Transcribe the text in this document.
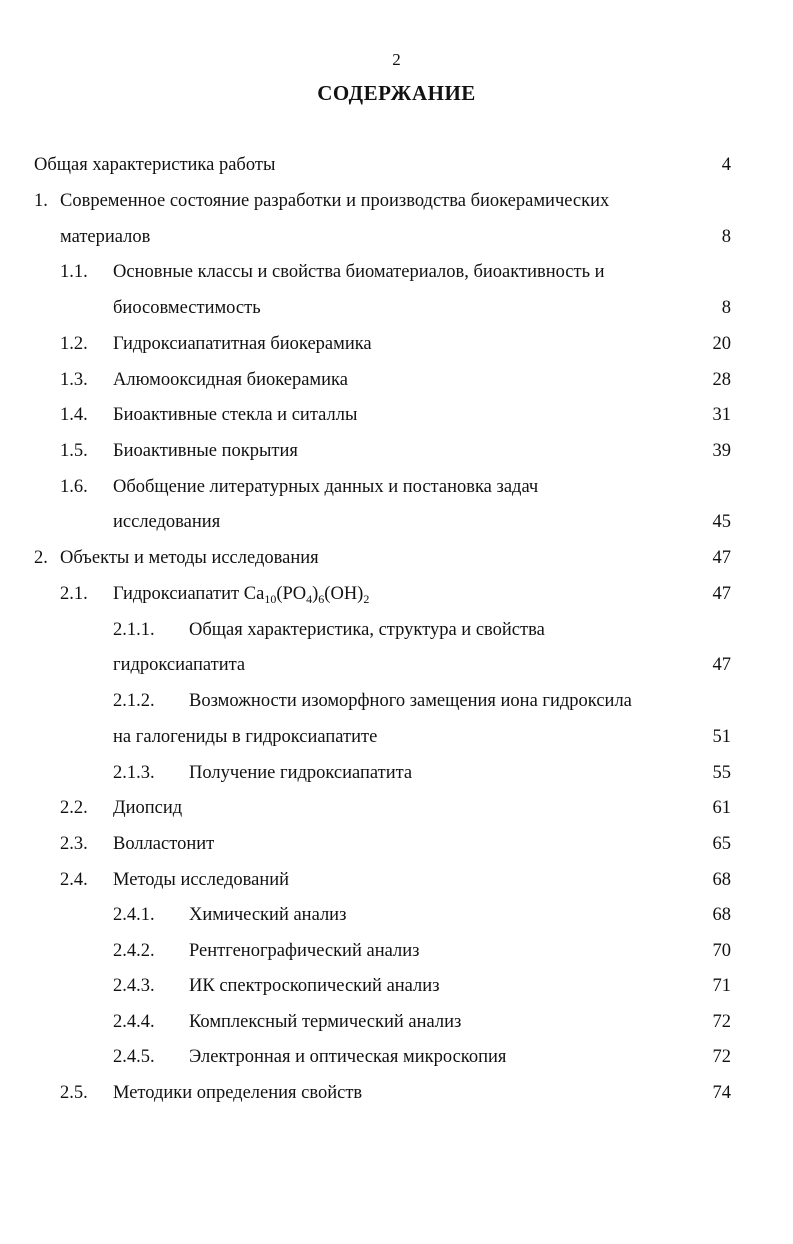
2
СОДЕРЖАНИЕ
Общая характеристика работы	4
1. Современное состояние разработки и производства биокерамических
материалов	8
1.1. Основные классы и свойства биоматериалов, биоактивность и
биосовместимость	8
1.2. Гидроксиапатитная биокерамика	20
1.3. Алюмооксидная биокерамика	28
1.4. Биоактивные стекла и ситаллы	31
1.5. Биоактивные покрытия	39
1.6. Обобщение литературных данных и постановка задач
исследования	45
2. Объекты и методы исследования	47
2.1. Гидроксиапатит $Ca_{10}(PO_4)_6(OH)_2$	47
2.1.1. Общая характеристика, структура и свойства
гидроксиапатита	47
2.1.2. Возможности изоморфного замещения иона гидроксила
на галогениды в гидроксиапатите	51
2.1.3. Получение гидроксиапатита	55
2.2. Диопсид	61
2.3. Волластонит	65
2.4. Методы исследований	68
2.4.1. Химический анализ	68
2.4.2. Рентгенографический анализ	70
2.4.3. ИК спектроскопический анализ	71
2.4.4. Комплексный термический анализ	72
2.4.5. Электронная и оптическая микроскопия	72
2.5. Методики определения свойств	74
